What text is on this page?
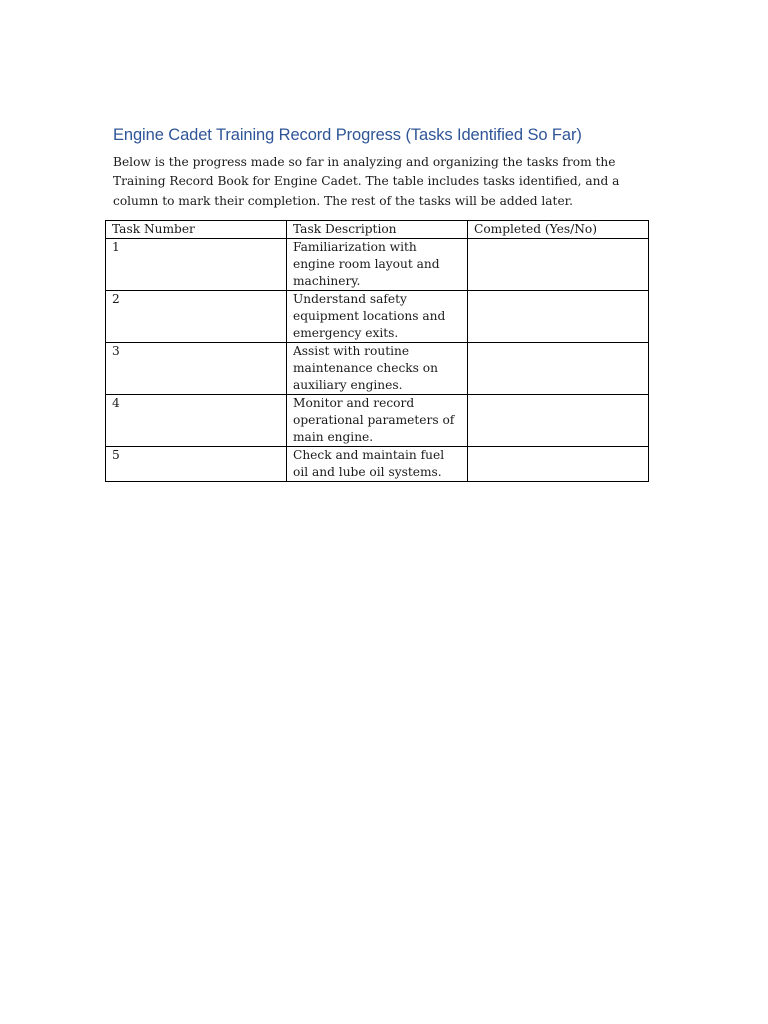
Engine Cadet Training Record Progress (Tasks Identified So Far)

Below is the progress made so far in analyzing and organizing the tasks from the Training Record Book for Engine Cadet. The table includes tasks identified, and a column to mark their completion. The rest of the tasks will be added later.

Task Number	Task Description	Completed (Yes/No)
1	Familiarization with engine room layout and machinery.	
2	Understand safety equipment locations and emergency exits.	
3	Assist with routine maintenance checks on auxiliary engines.	
4	Monitor and record operational parameters of main engine.	
5	Check and maintain fuel oil and lube oil systems.	
